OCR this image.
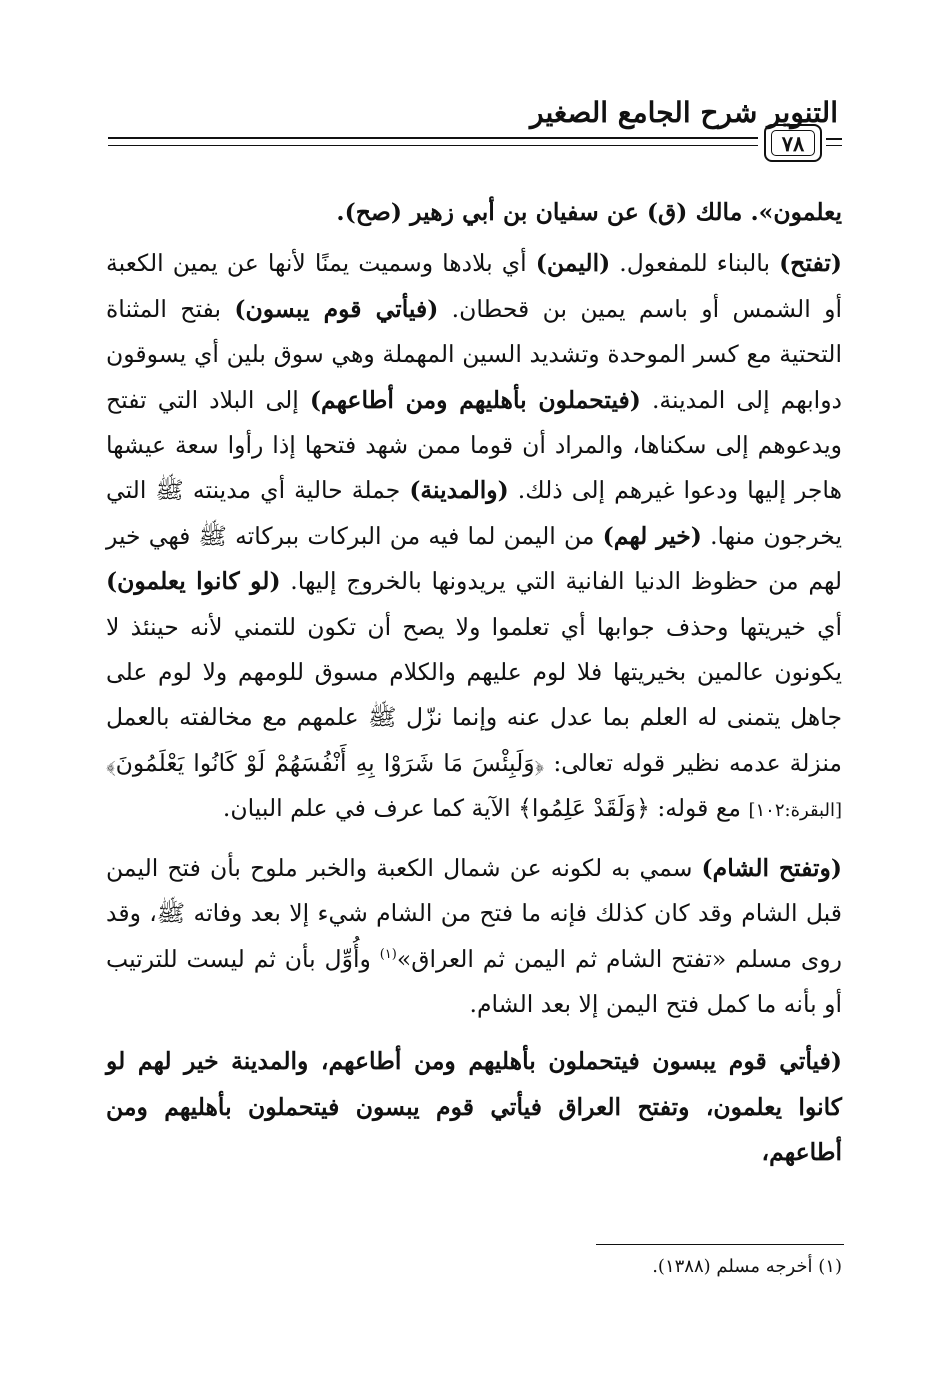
التنوير شرح الجامع الصغير
٧٨

يعلمون». مالك (ق) عن سفيان بن أبي زهير (صح).

(تفتح) بالبناء للمفعول. (اليمن) أي بلادها وسميت يمنًا لأنها عن يمين الكعبة أو الشمس أو باسم يمين بن قحطان. (فيأتي قوم يبسون) بفتح المثناة التحتية مع كسر الموحدة وتشديد السين المهملة وهي سوق بلين أي يسوقون دوابهم إلى المدينة. (فيتحملون بأهليهم ومن أطاعهم) إلى البلاد التي تفتح ويدعوهم إلى سكناها، والمراد أن قوما ممن شهد فتحها إذا رأوا سعة عيشها هاجر إليها ودعوا غيرهم إلى ذلك. (والمدينة) جملة حالية أي مدينته ﷺ التي يخرجون منها. (خير لهم) من اليمن لما فيه من البركات ببركاته ﷺ فهي خير لهم من حظوظ الدنيا الفانية التي يريدونها بالخروج إليها. (لو كانوا يعلمون) أي خيريتها وحذف جوابها أي تعلموا ولا يصح أن تكون للتمني لأنه حينئذ لا يكونون عالمين بخيريتها فلا لوم عليهم والكلام مسوق للومهم ولا لوم على جاهل يتمنى له العلم بما عدل عنه وإنما نزّل ﷺ علمهم مع مخالفته بالعمل منزلة عدمه نظير قوله تعالى: ﴿وَلَبِئْسَ مَا شَرَوْا بِهِ أَنْفُسَهُمْ لَوْ كَانُوا يَعْلَمُونَ﴾ [البقرة:١٠٢] مع قوله: ﴿وَلَقَدْ عَلِمُوا﴾ الآية كما عرف في علم البيان.

(وتفتح الشام) سمي به لكونه عن شمال الكعبة والخبر ملوح بأن فتح اليمن قبل الشام وقد كان كذلك فإنه ما فتح من الشام شيء إلا بعد وفاته ﷺ، وقد روى مسلم «تفتح الشام ثم اليمن ثم العراق»$^{(١)}$ وأُوِّل بأن ثم ليست للترتيب أو بأنه ما كمل فتح اليمن إلا بعد الشام.

(فيأتي قوم يبسون فيتحملون بأهليهم ومن أطاعهم، والمدينة خير لهم لو كانوا يعلمون، وتفتح العراق فيأتي قوم يبسون فيتحملون بأهليهم ومن أطاعهم،

(١) أخرجه مسلم (١٣٨٨).
